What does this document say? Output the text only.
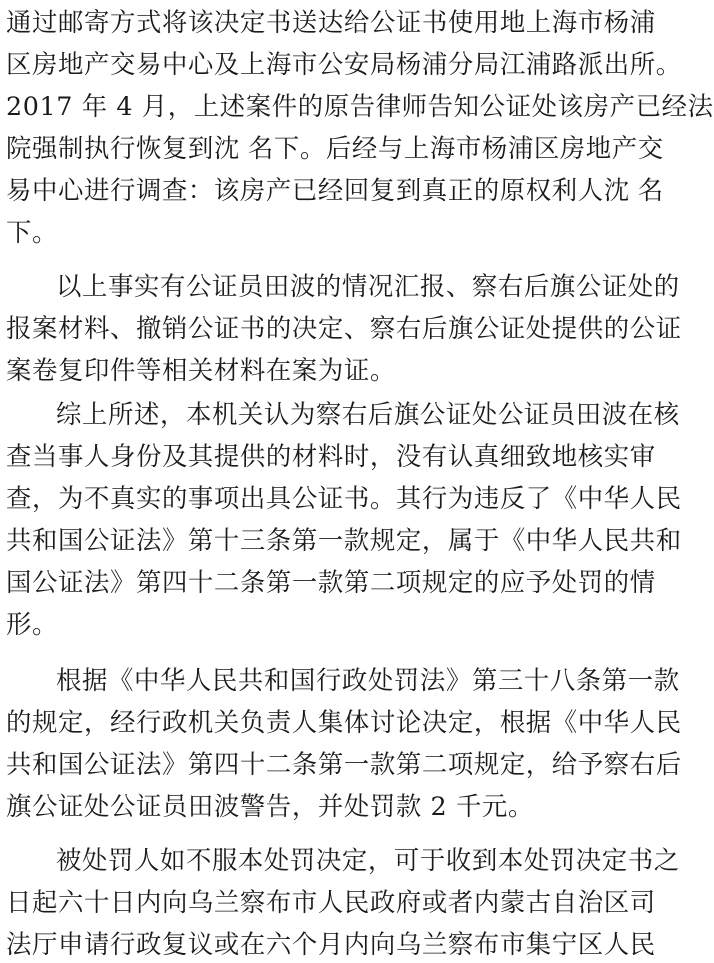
通过邮寄方式将该决定书送达给公证书使用地上海市杨浦
区房地产交易中心及上海市公安局杨浦分局江浦路派出所。
2017 年 4 月，上述案件的原告律师告知公证处该房产已经法
院强制执行恢复到沈 名下。后经与上海市杨浦区房地产交
易中心进行调查：该房产已经回复到真正的原权利人沈 名
下。
以上事实有公证员田波的情况汇报、察右后旗公证处的
报案材料、撤销公证书的决定、察右后旗公证处提供的公证
案卷复印件等相关材料在案为证。
综上所述，本机关认为察右后旗公证处公证员田波在核
查当事人身份及其提供的材料时，没有认真细致地核实审
查，为不真实的事项出具公证书。其行为违反了《中华人民
共和国公证法》第十三条第一款规定，属于《中华人民共和
国公证法》第四十二条第一款第二项规定的应予处罚的情
形。
根据《中华人民共和国行政处罚法》第三十八条第一款
的规定，经行政机关负责人集体讨论决定，根据《中华人民
共和国公证法》第四十二条第一款第二项规定，给予察右后
旗公证处公证员田波警告，并处罚款 2 千元。
被处罚人如不服本处罚决定，可于收到本处罚决定书之
日起六十日内向乌兰察布市人民政府或者内蒙古自治区司
法厅申请行政复议或在六个月内向乌兰察布市集宁区人民
